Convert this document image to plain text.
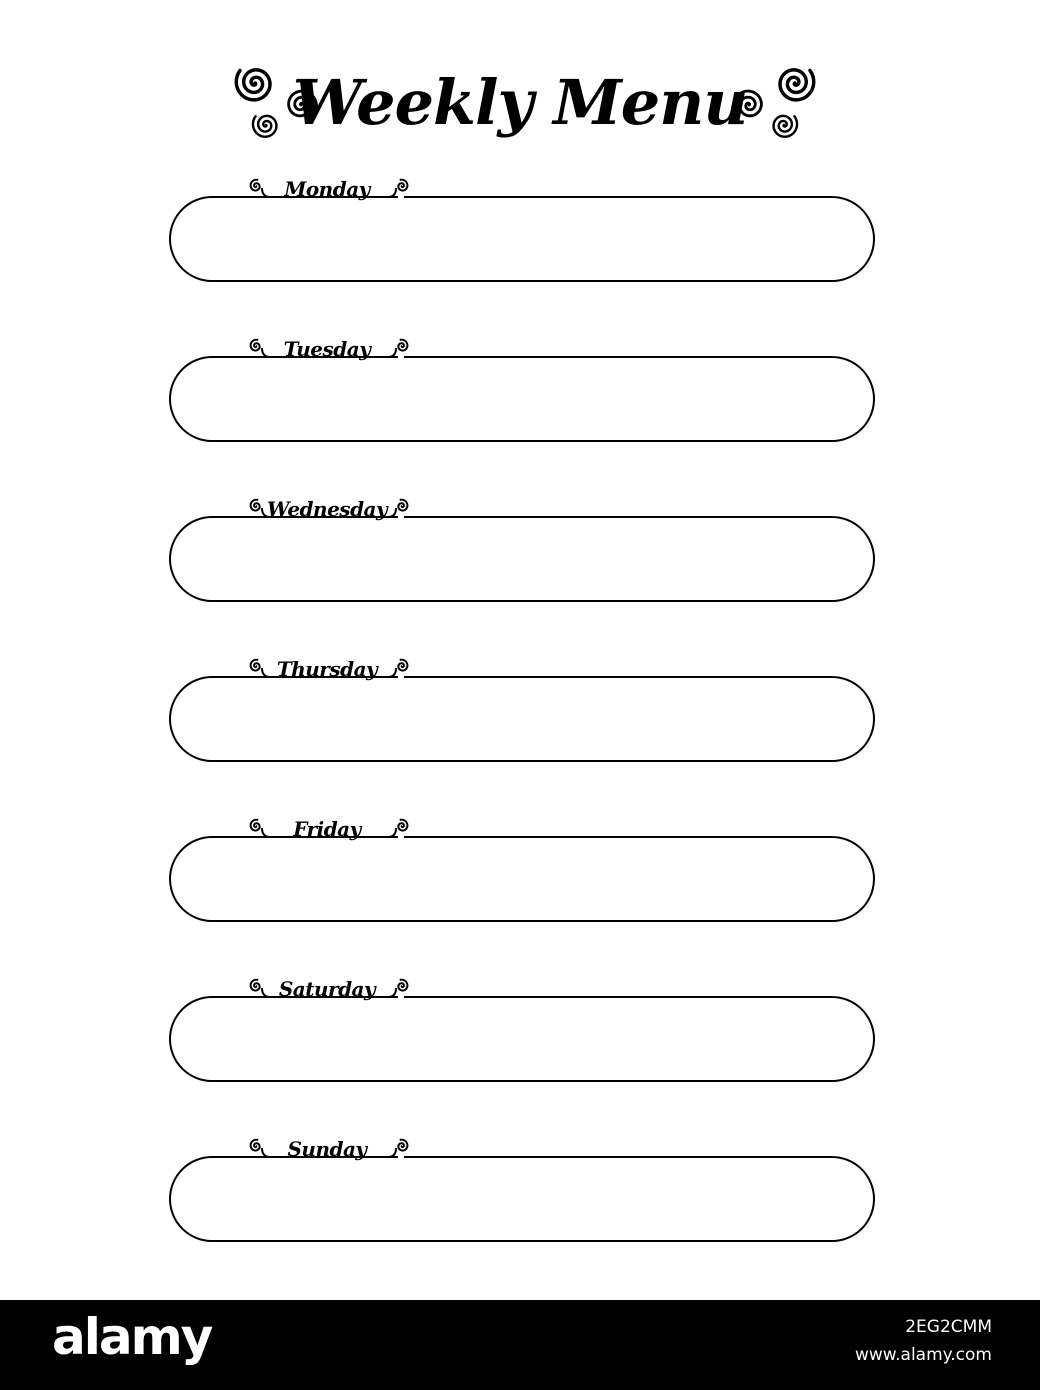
Weekly Menu
Monday
Tuesday
Wednesday
Thursday
Friday
Saturday
Sunday
alamy	2EG2CMM
www.alamy.com
